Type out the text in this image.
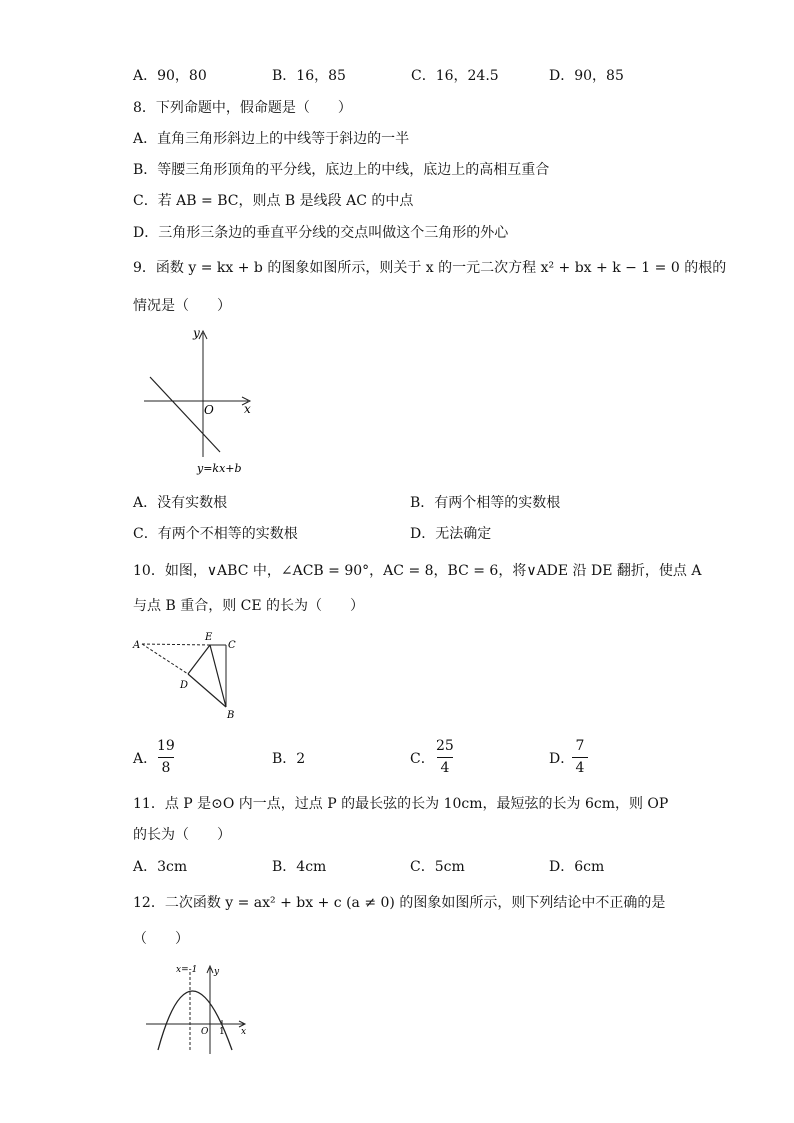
A．90，80	B．16，85	C．16，24.5	D．90，85
8．下列命题中，假命题是（　　）
A．直角三角形斜边上的中线等于斜边的一半
B．等腰三角形顶角的平分线，底边上的中线，底边上的高相互重合
C．若 AB = BC，则点 B 是线段 AC 的中点
D．三角形三条边的垂直平分线的交点叫做这个三角形的外心
9．函数 y = kx + b 的图象如图所示，则关于 x 的一元二次方程 x² + bx + k − 1 = 0 的根的
情况是（　　）
y
x
O
y=kx+b
A．没有实数根	B．有两个相等的实数根
C．有两个不相等的实数根	D．无法确定
10．如图，∨ABC 中，∠ACB = 90°，AC = 8，BC = 6，将∨ADE 沿 DE 翻折，使点 A
与点 B 重合，则 CE 的长为（　　）
A
E
C
D
B
A．
19
8
B．2	C．
25
4
D．
7
4
11．点 P 是⊙O 内一点，过点 P 的最长弦的长为 10cm，最短弦的长为 6cm，则 OP
的长为（　　）
A．3cm	B．4cm	C．5cm	D．6cm
12．二次函数 y = ax² + bx + c (a ≠ 0) 的图象如图所示，则下列结论中不正确的是
（　　）
x=-1 y
x
O 1
